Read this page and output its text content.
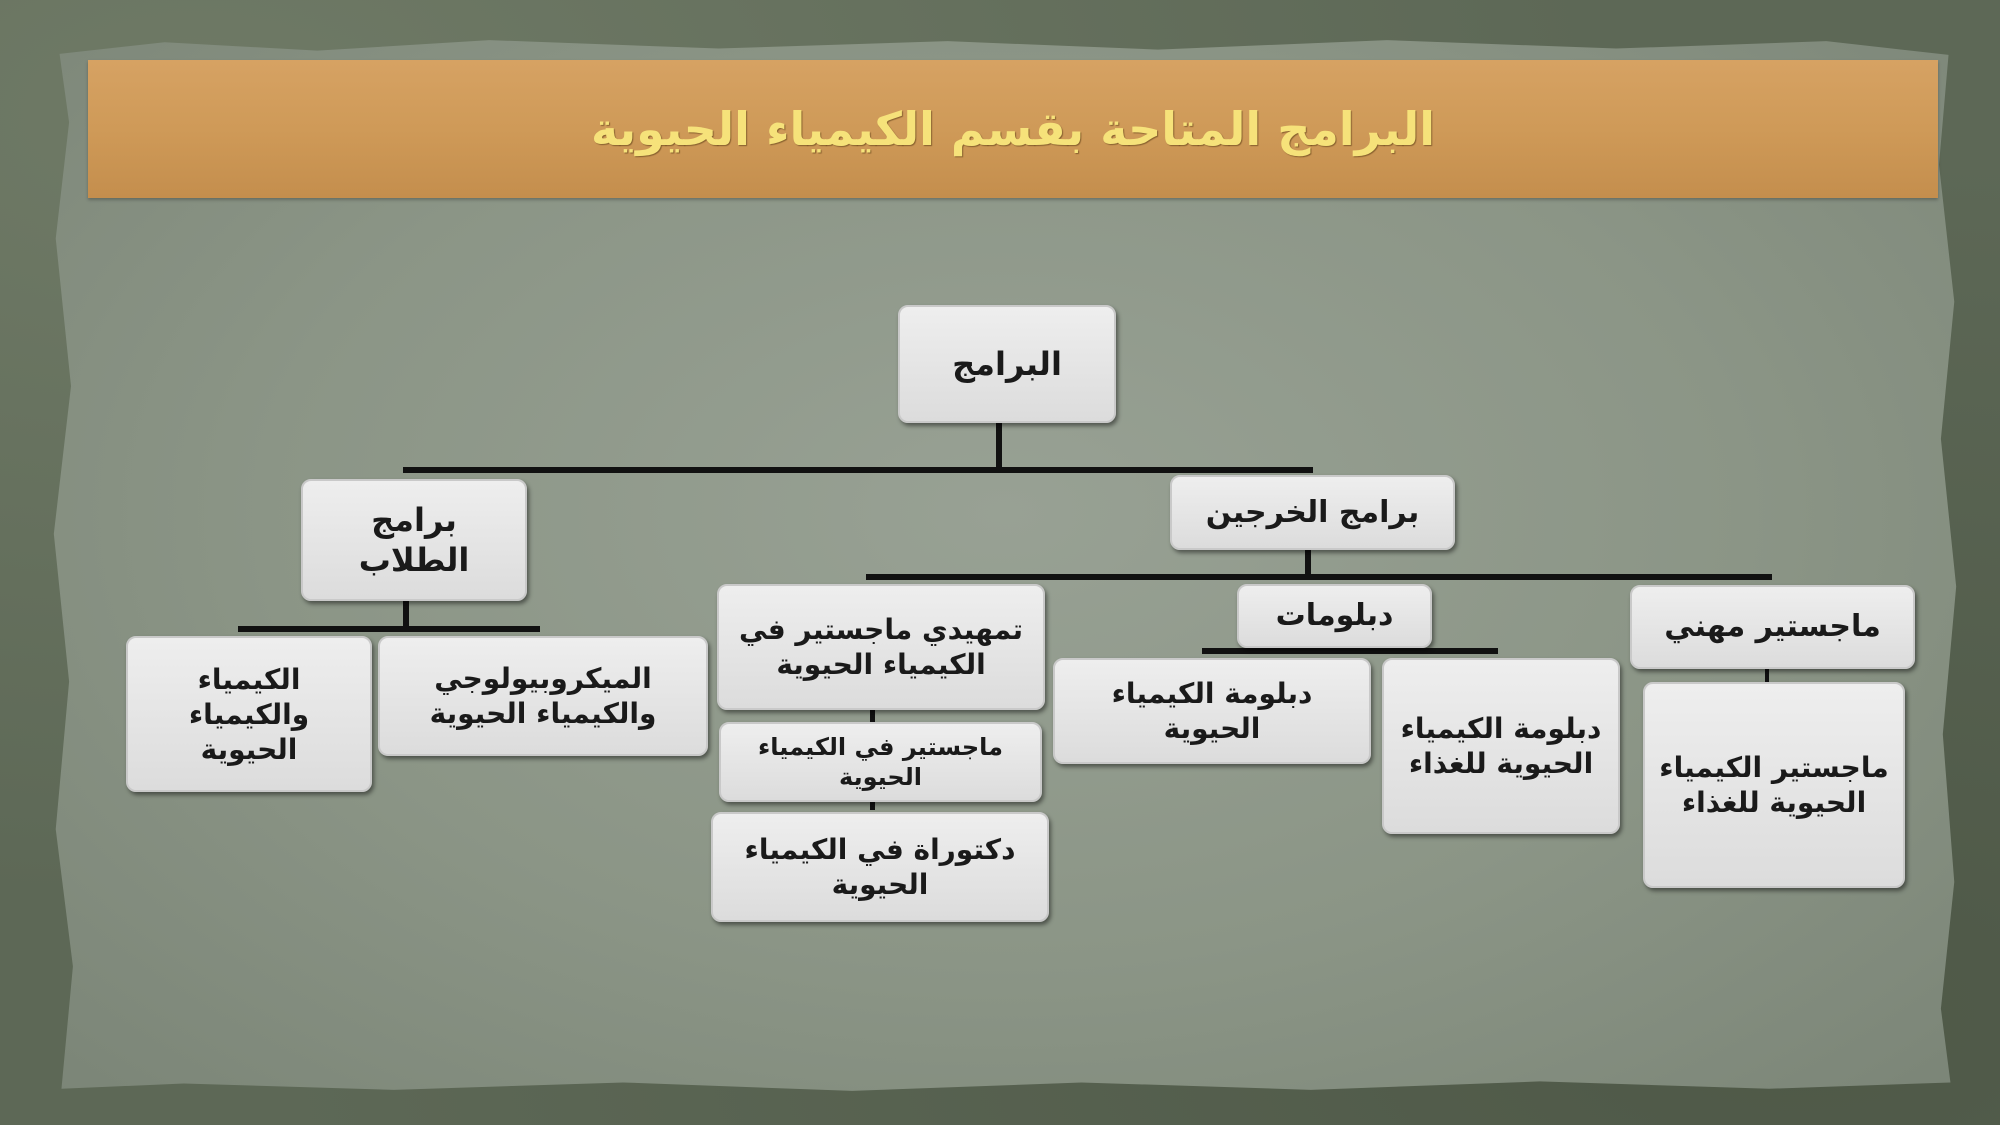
البرامج المتاحة بقسم الكيمياء الحيوية
البرامج
برامج الخرجين
برامج الطلاب
الكيمياء والكيمياء الحيوية
الميكروبيولوجي والكيمياء الحيوية
ماجستير مهني
ماجستير الكيمياء الحيوية للغذاء
دبلومات
دبلومة الكيمياء الحيوية للغذاء
دبلومة الكيمياء الحيوية
تمهيدي ماجستير في الكيمياء الحيوية
ماجستير في الكيمياء الحيوية
دكتوراة في الكيمياء الحيوية
